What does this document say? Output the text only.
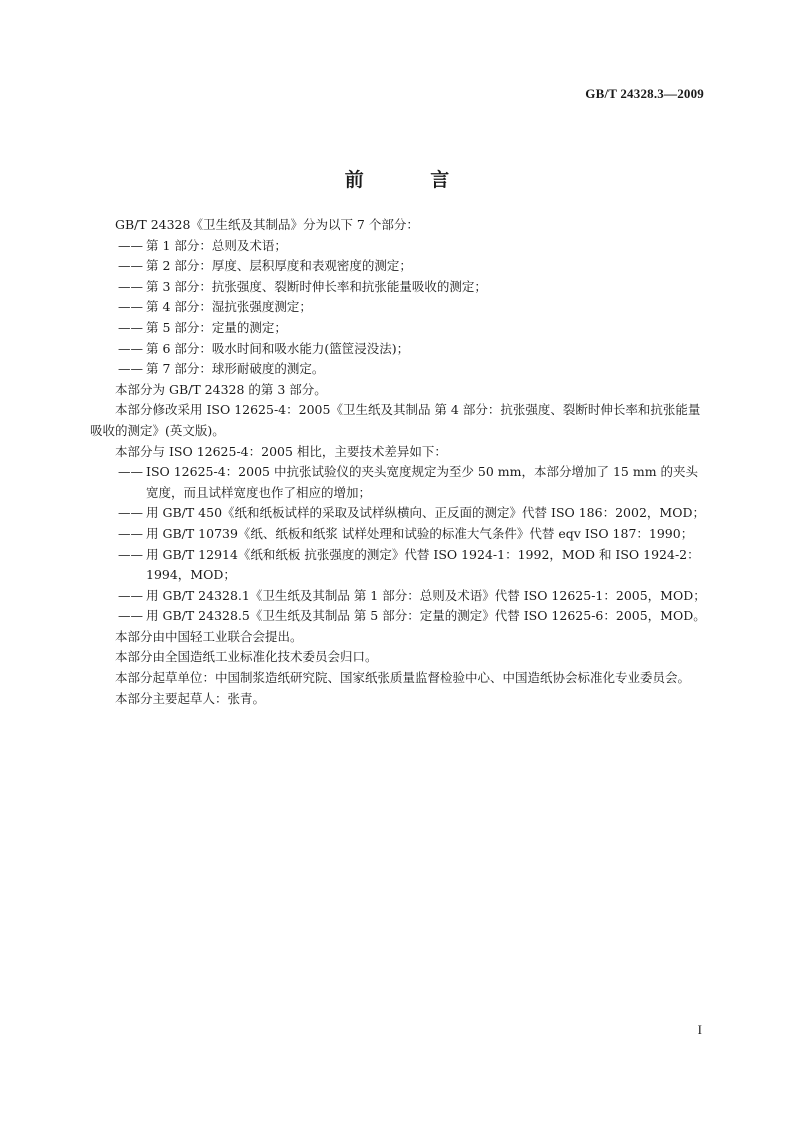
GB/T 24328.3—2009
前 言

GB/T 24328《卫生纸及其制品》分为以下 7 个部分：

—— 第 1 部分：总则及术语；

—— 第 2 部分：厚度、层积厚度和表观密度的测定；

—— 第 3 部分：抗张强度、裂断时伸长率和抗张能量吸收的测定；

—— 第 4 部分：湿抗张强度测定；

—— 第 5 部分：定量的测定；

—— 第 6 部分：吸水时间和吸水能力(篮筐浸没法)；

—— 第 7 部分：球形耐破度的测定。

本部分为 GB/T 24328 的第 3 部分。

本部分修改采用 ISO 12625-4：2005《卫生纸及其制品 第 4 部分：抗张强度、裂断时伸长率和抗张能量吸收的测定》(英文版)。

本部分与 ISO 12625-4：2005 相比，主要技术差异如下：

—— ISO 12625-4：2005 中抗张试验仪的夹头宽度规定为至少 50 mm，本部分增加了 15 mm 的夹头宽度，而且试样宽度也作了相应的增加；

—— 用 GB/T 450《纸和纸板试样的采取及试样纵横向、正反面的测定》代替 ISO 186：2002，MOD；

—— 用 GB/T 10739《纸、纸板和纸浆 试样处理和试验的标准大气条件》代替 eqv ISO 187：1990；

—— 用 GB/T 12914《纸和纸板 抗张强度的测定》代替 ISO 1924-1：1992，MOD 和 ISO 1924-2：1994，MOD；

—— 用 GB/T 24328.1《卫生纸及其制品 第 1 部分：总则及术语》代替 ISO 12625-1：2005，MOD；

—— 用 GB/T 24328.5《卫生纸及其制品 第 5 部分：定量的测定》代替 ISO 12625-6：2005，MOD。

本部分由中国轻工业联合会提出。

本部分由全国造纸工业标准化技术委员会归口。

本部分起草单位：中国制浆造纸研究院、国家纸张质量监督检验中心、中国造纸协会标准化专业委员会。

本部分主要起草人：张青。

I
